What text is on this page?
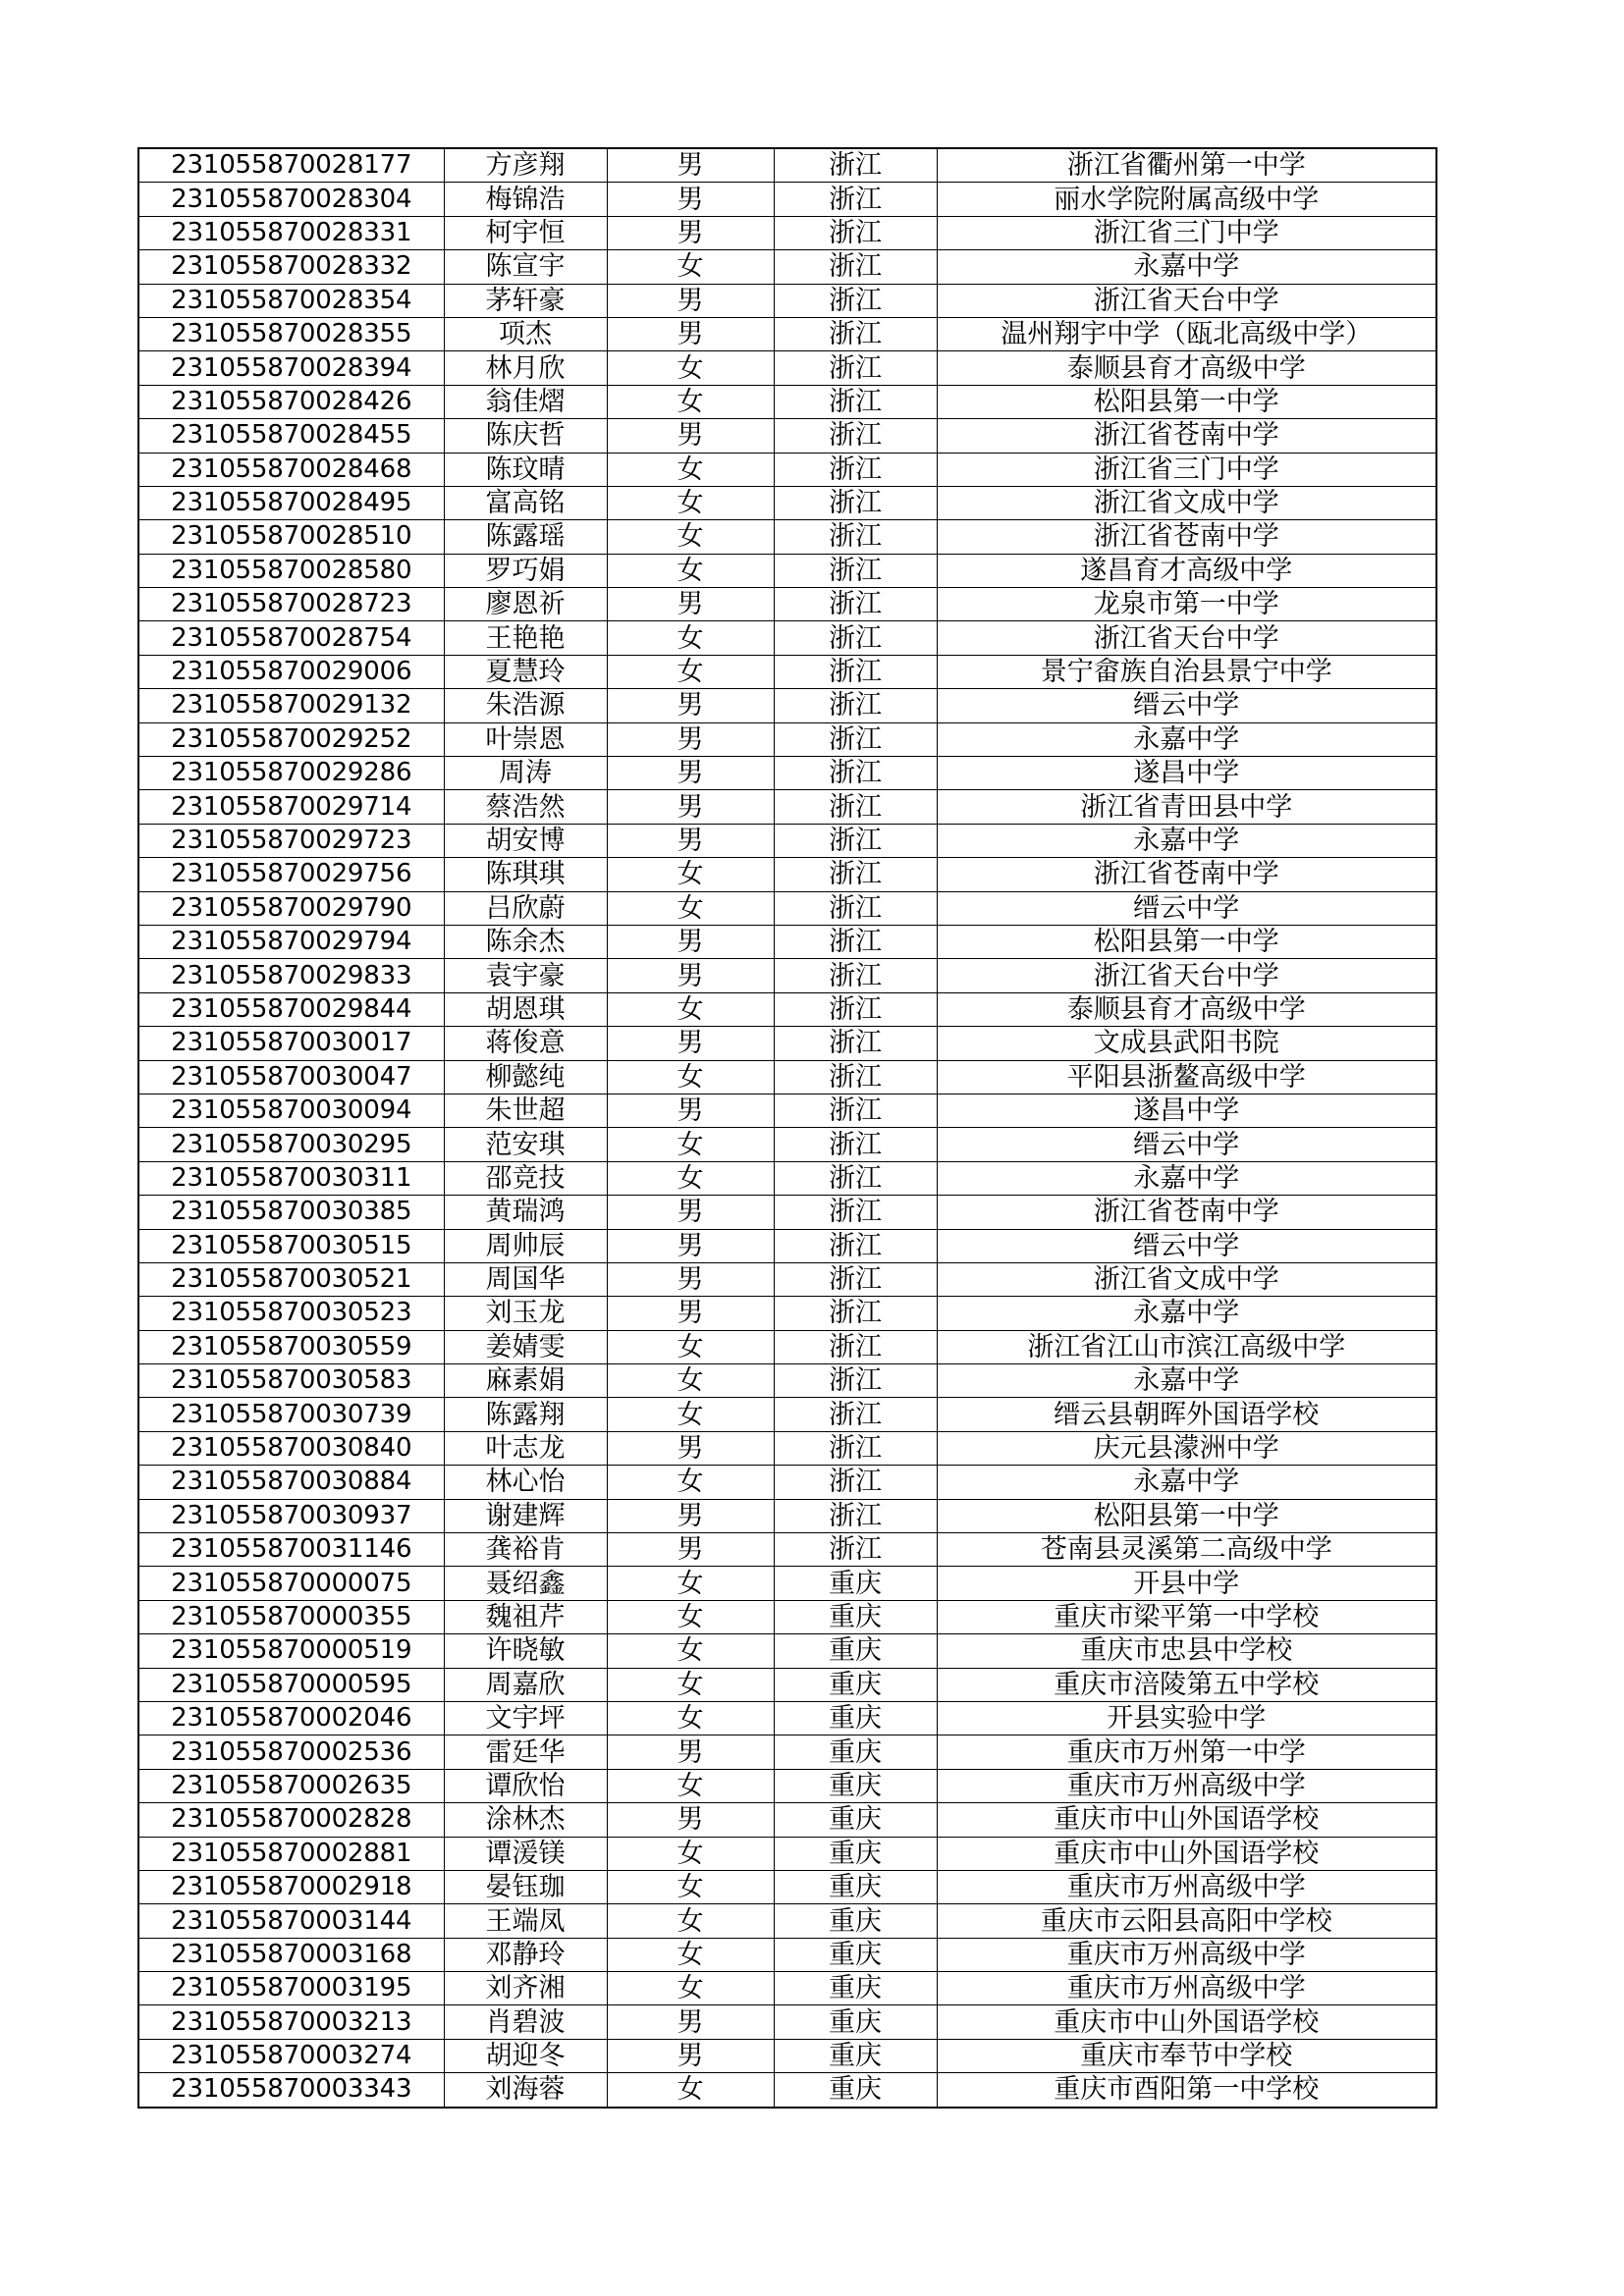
231055870028177	方彦翔	男	浙江	浙江省衢州第一中学
231055870028304	梅锦浩	男	浙江	丽水学院附属高级中学
231055870028331	柯宇恒	男	浙江	浙江省三门中学
231055870028332	陈宣宇	女	浙江	永嘉中学
231055870028354	茅轩豪	男	浙江	浙江省天台中学
231055870028355	项杰	男	浙江	温州翔宇中学（瓯北高级中学）
231055870028394	林月欣	女	浙江	泰顺县育才高级中学
231055870028426	翁佳熠	女	浙江	松阳县第一中学
231055870028455	陈庆哲	男	浙江	浙江省苍南中学
231055870028468	陈玟晴	女	浙江	浙江省三门中学
231055870028495	富高铭	女	浙江	浙江省文成中学
231055870028510	陈露瑶	女	浙江	浙江省苍南中学
231055870028580	罗巧娟	女	浙江	遂昌育才高级中学
231055870028723	廖恩祈	男	浙江	龙泉市第一中学
231055870028754	王艳艳	女	浙江	浙江省天台中学
231055870029006	夏慧玲	女	浙江	景宁畲族自治县景宁中学
231055870029132	朱浩源	男	浙江	缙云中学
231055870029252	叶崇恩	男	浙江	永嘉中学
231055870029286	周涛	男	浙江	遂昌中学
231055870029714	蔡浩然	男	浙江	浙江省青田县中学
231055870029723	胡安博	男	浙江	永嘉中学
231055870029756	陈琪琪	女	浙江	浙江省苍南中学
231055870029790	吕欣蔚	女	浙江	缙云中学
231055870029794	陈余杰	男	浙江	松阳县第一中学
231055870029833	袁宇豪	男	浙江	浙江省天台中学
231055870029844	胡恩琪	女	浙江	泰顺县育才高级中学
231055870030017	蒋俊意	男	浙江	文成县武阳书院
231055870030047	柳懿纯	女	浙江	平阳县浙鳌高级中学
231055870030094	朱世超	男	浙江	遂昌中学
231055870030295	范安琪	女	浙江	缙云中学
231055870030311	邵竞技	女	浙江	永嘉中学
231055870030385	黄瑞鸿	男	浙江	浙江省苍南中学
231055870030515	周帅辰	男	浙江	缙云中学
231055870030521	周国华	男	浙江	浙江省文成中学
231055870030523	刘玉龙	男	浙江	永嘉中学
231055870030559	姜婧雯	女	浙江	浙江省江山市滨江高级中学
231055870030583	麻素娟	女	浙江	永嘉中学
231055870030739	陈露翔	女	浙江	缙云县朝晖外国语学校
231055870030840	叶志龙	男	浙江	庆元县濛洲中学
231055870030884	林心怡	女	浙江	永嘉中学
231055870030937	谢建辉	男	浙江	松阳县第一中学
231055870031146	龚裕肯	男	浙江	苍南县灵溪第二高级中学
231055870000075	聂绍鑫	女	重庆	开县中学
231055870000355	魏祖芹	女	重庆	重庆市梁平第一中学校
231055870000519	许晓敏	女	重庆	重庆市忠县中学校
231055870000595	周嘉欣	女	重庆	重庆市涪陵第五中学校
231055870002046	文宇坪	女	重庆	开县实验中学
231055870002536	雷廷华	男	重庆	重庆市万州第一中学
231055870002635	谭欣怡	女	重庆	重庆市万州高级中学
231055870002828	涂林杰	男	重庆	重庆市中山外国语学校
231055870002881	谭湲镁	女	重庆	重庆市中山外国语学校
231055870002918	晏钰珈	女	重庆	重庆市万州高级中学
231055870003144	王端凤	女	重庆	重庆市云阳县高阳中学校
231055870003168	邓静玲	女	重庆	重庆市万州高级中学
231055870003195	刘齐湘	女	重庆	重庆市万州高级中学
231055870003213	肖碧波	男	重庆	重庆市中山外国语学校
231055870003274	胡迎冬	男	重庆	重庆市奉节中学校
231055870003343	刘海蓉	女	重庆	重庆市酉阳第一中学校
